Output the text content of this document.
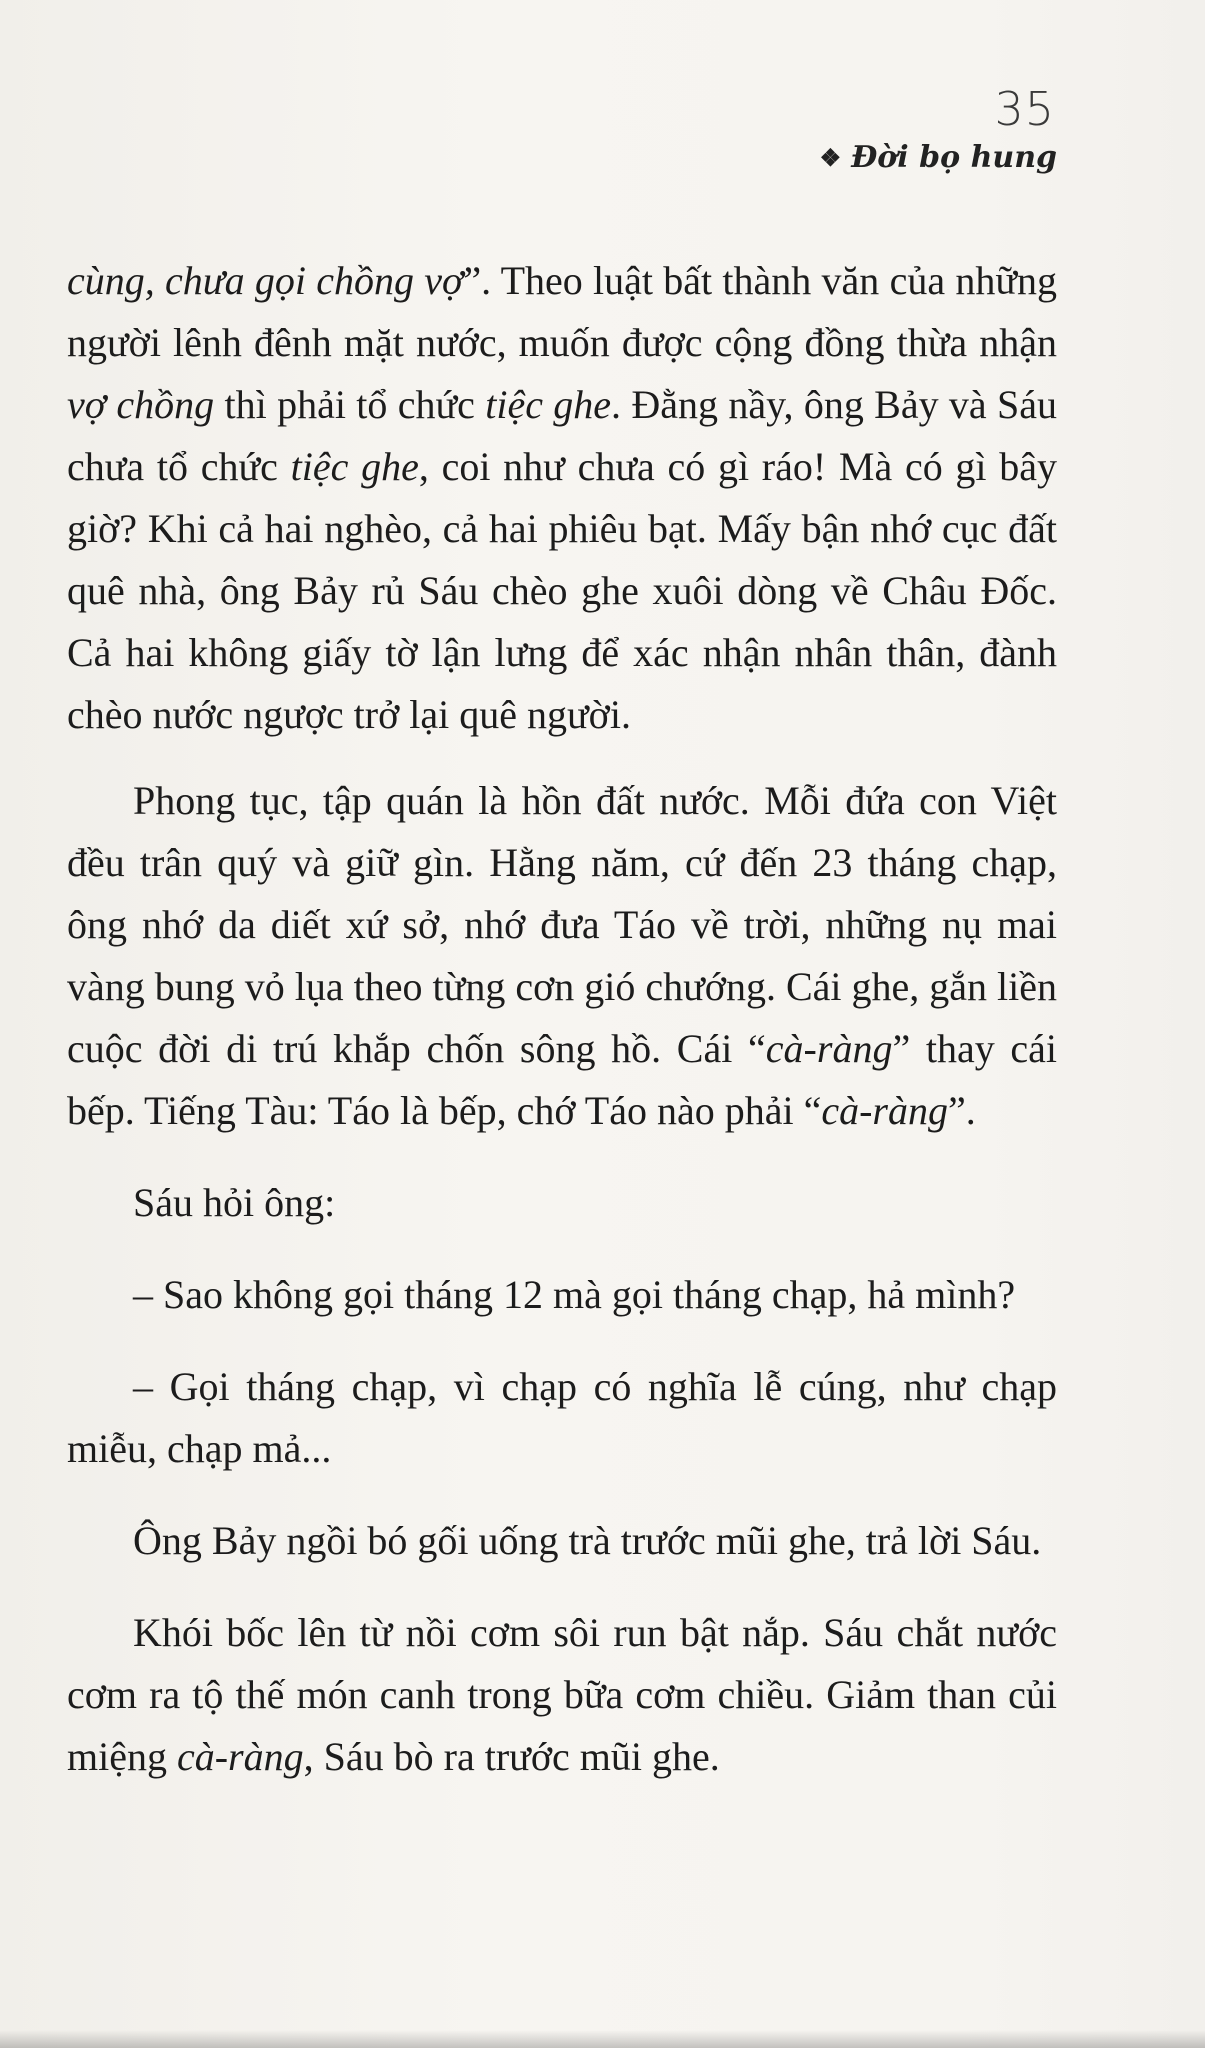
35
❖ Đời bọ hung

cùng, chưa gọi chồng vợ”. Theo luật bất thành văn của những người lênh đênh mặt nước, muốn được cộng đồng thừa nhận vợ chồng thì phải tổ chức tiệc ghe. Đằng nầy, ông Bảy và Sáu chưa tổ chức tiệc ghe, coi như chưa có gì ráo! Mà có gì bây giờ? Khi cả hai nghèo, cả hai phiêu bạt. Mấy bận nhớ cục đất quê nhà, ông Bảy rủ Sáu chèo ghe xuôi dòng về Châu Đốc. Cả hai không giấy tờ lận lưng để xác nhận nhân thân, đành chèo nước ngược trở lại quê người.

Phong tục, tập quán là hồn đất nước. Mỗi đứa con Việt đều trân quý và giữ gìn. Hằng năm, cứ đến 23 tháng chạp, ông nhớ da diết xứ sở, nhớ đưa Táo về trời, những nụ mai vàng bung vỏ lụa theo từng cơn gió chướng. Cái ghe, gắn liền cuộc đời di trú khắp chốn sông hồ. Cái “cà-ràng” thay cái bếp. Tiếng Tàu: Táo là bếp, chớ Táo nào phải “cà-ràng”.

Sáu hỏi ông:

– Sao không gọi tháng 12 mà gọi tháng chạp, hả mình?

– Gọi tháng chạp, vì chạp có nghĩa lễ cúng, như chạp miễu, chạp mả...

Ông Bảy ngồi bó gối uống trà trước mũi ghe, trả lời Sáu.

Khói bốc lên từ nồi cơm sôi run bật nắp. Sáu chắt nước cơm ra tộ thế món canh trong bữa cơm chiều. Giảm than củi miệng cà-ràng, Sáu bò ra trước mũi ghe.
